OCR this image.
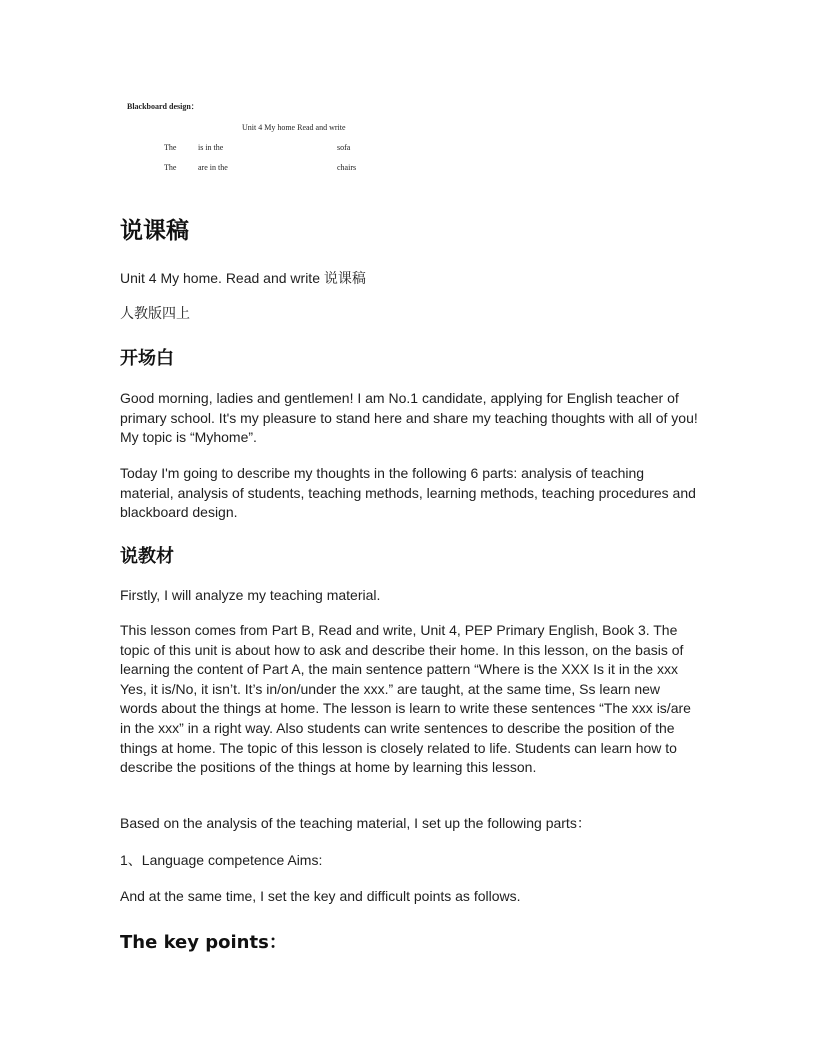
Blackboard design：
Unit 4 My home Read and write
The	is in the	sofa
The	are in the	chairs
说课稿

Unit 4 My home. Read and write 说课稿

人教版四上

开场白

Good morning, ladies and gentlemen! I am No.1 candidate, applying for English teacher of primary school. It's my pleasure to stand here and share my teaching thoughts with all of you! My topic is “Myhome”.

Today I'm going to describe my thoughts in the following 6 parts: analysis of teaching material, analysis of students, teaching methods, learning methods, teaching procedures and blackboard design.

说教材

Firstly, I will analyze my teaching material.

This lesson comes from Part B, Read and write, Unit 4, PEP Primary English, Book 3. The topic of this unit is about how to ask and describe their home. In this lesson, on the basis of learning the content of Part A, the main sentence pattern “Where is the XXX Is it in the xxx Yes, it is/No, it isn’t. It’s in/on/under the xxx.” are taught, at the same time, Ss learn new words about the things at home. The lesson is learn to write these sentences “The xxx is/are in the xxx” in a right way. Also students can write sentences to describe the position of the things at home. The topic of this lesson is closely related to life. Students can learn how to describe the positions of the things at home by learning this lesson.

Based on the analysis of the teaching material, I set up the following parts：

1、Language competence Aims:

And at the same time, I set the key and difficult points as follows.

The key points：
